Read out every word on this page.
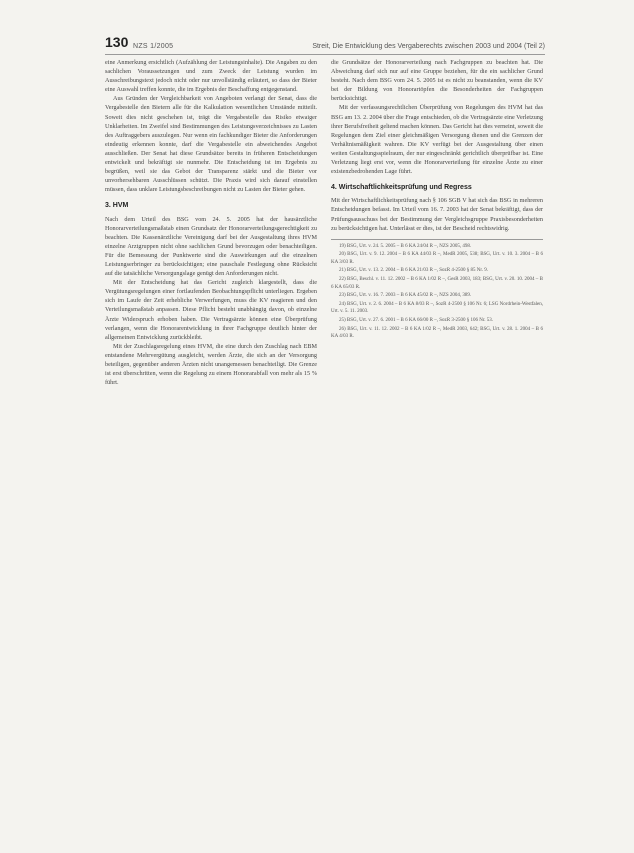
130 NZS 1/2005	Streit, Die Entwicklung des Vergaberechts zwischen 2003 und 2004 (Teil 2)

eine Anmerkung ersichtlich (Aufzählung der Leistungsinhalte). Die Angaben zu den sachlichen Voraussetzungen und zum Zweck der Leistung wurden im Ausschreibungstext jedoch nicht oder nur unvollständig erläutert, so dass der Bieter eine Auswahl treffen konnte, die im Ergebnis der Beschaffung entgegenstand.

Aus Gründen der Vergleichbarkeit von Angeboten verlangt der Senat, dass die Vergabestelle den Bietern alle für die Kalkulation wesentlichen Umstände mitteilt. Soweit dies nicht geschehen ist, trägt die Vergabestelle das Risiko etwaiger Unklarheiten. Im Zweifel sind Bestimmungen des Leistungsverzeichnisses zu Lasten des Auftraggebers auszulegen. Nur wenn ein fachkundiger Bieter die Anforderungen eindeutig erkennen konnte, darf die Vergabestelle ein abweichendes Angebot ausschließen. Der Senat hat diese Grundsätze bereits in früheren Entscheidungen entwickelt und bekräftigt sie nunmehr. Die Entscheidung ist im Ergebnis zu begrüßen, weil sie das Gebot der Transparenz stärkt und die Bieter vor unvorhersehbaren Ausschlüssen schützt. Die Praxis wird sich darauf einstellen müssen, dass unklare Leistungsbeschreibungen nicht zu Lasten der Bieter gehen.

3. HVM

Nach dem Urteil des BSG vom 24. 5. 2005 hat der hausärztliche Honorarverteilungsmaßstab einen Grundsatz der Honorarverteilungsgerechtigkeit zu beachten. Die Kassenärztliche Vereinigung darf bei der Ausgestaltung ihres HVM einzelne Arztgruppen nicht ohne sachlichen Grund bevorzugen oder benachteiligen. Für die Bemessung der Punktwerte sind die Auswirkungen auf die einzelnen Leistungserbringer zu berücksichtigen; eine pauschale Festlegung ohne Rücksicht auf die tatsächliche Versorgungslage genügt den Anforderungen nicht.

Mit der Entscheidung hat das Gericht zugleich klargestellt, dass die Vergütungsregelungen einer fortlaufenden Beobachtungspflicht unterliegen. Ergeben sich im Laufe der Zeit erhebliche Verwerfungen, muss die KV reagieren und den Verteilungsmaßstab anpassen. Diese Pflicht besteht unabhängig davon, ob einzelne Ärzte Widerspruch erhoben haben. Die Vertragsärzte können eine Überprüfung verlangen, wenn die Honorarentwicklung in ihrer Fachgruppe deutlich hinter der allgemeinen Entwicklung zurückbleibt.

Mit der Zuschlagsregelung eines HVM, die eine durch den Zuschlag nach EBM entstandene Mehrvergütung ausgleicht, werden Ärzte, die sich an der Versorgung beteiligen, gegenüber anderen Ärzten nicht unangemessen benachteiligt. Die Grenze ist erst überschritten, wenn die Regelung zu einem Honorarabfall von mehr als 15 % führt.

die Grundsätze der Honorarverteilung nach Fachgruppen zu beachten hat. Die Abweichung darf sich nur auf eine Gruppe beziehen, für die ein sachlicher Grund besteht. Nach dem BSG vom 24. 5. 2005 ist es nicht zu beanstanden, wenn die KV bei der Bildung von Honorartöpfen die Besonderheiten der Fachgruppen berücksichtigt.

Mit der verfassungsrechtlichen Überprüfung von Regelungen des HVM hat das BSG am 13. 2. 2004 über die Frage entschieden, ob die Vertragsärzte eine Verletzung ihrer Berufsfreiheit geltend machen können. Das Gericht hat dies verneint, soweit die Regelungen dem Ziel einer gleichmäßigen Versorgung dienen und die Grenzen der Verhältnismäßigkeit wahren. Die KV verfügt bei der Ausgestaltung über einen weiten Gestaltungsspielraum, der nur eingeschränkt gerichtlich überprüfbar ist. Eine Verletzung liegt erst vor, wenn die Honorarverteilung für einzelne Ärzte zu einer existenzbedrohenden Lage führt.

4. Wirtschaftlichkeitsprüfung und Regress

Mit der Wirtschaftlichkeitsprüfung nach § 106 SGB V hat sich das BSG in mehreren Entscheidungen befasst. Im Urteil vom 16. 7. 2003 hat der Senat bekräftigt, dass der Prüfungsausschuss bei der Bestimmung der Vergleichsgruppe Praxisbesonderheiten zu berücksichtigen hat. Unterlässt er dies, ist der Bescheid rechtswidrig.

19) BSG, Urt. v. 24. 5. 2005 – B 6 KA 24/04 R –, NZS 2005, 498.

20) BSG, Urt. v. 9. 12. 2004 – B 6 KA 44/03 R –, MedR 2005, 538; BSG, Urt. v. 10. 3. 2004 – B 6 KA 3/03 R.

21) BSG, Urt. v. 13. 2. 2004 – B 6 KA 21/03 R –, SozR 4-2500 § 85 Nr. 9.

22) BSG, Beschl. v. 11. 12. 2002 – B 6 KA 1/02 R –, GesR 2003, 183; BSG, Urt. v. 20. 10. 2004 – B 6 KA 65/03 R.

23) BSG, Urt. v. 16. 7. 2003 – B 6 KA 45/02 R –, NZS 2004, 389.

24) BSG, Urt. v. 2. 6. 2004 – B 6 KA 8/03 R –, SozR 4-2500 § 106 Nr. 6; LSG Nordrhein-Westfalen, Urt. v. 5. 11. 2003.

25) BSG, Urt. v. 27. 6. 2001 – B 6 KA 66/00 R –, SozR 3-2500 § 106 Nr. 53.

26) BSG, Urt. v. 11. 12. 2002 – B 6 KA 1/02 R –, MedR 2003, 642; BSG, Urt. v. 28. 1. 2004 – B 6 KA 4/03 R.
